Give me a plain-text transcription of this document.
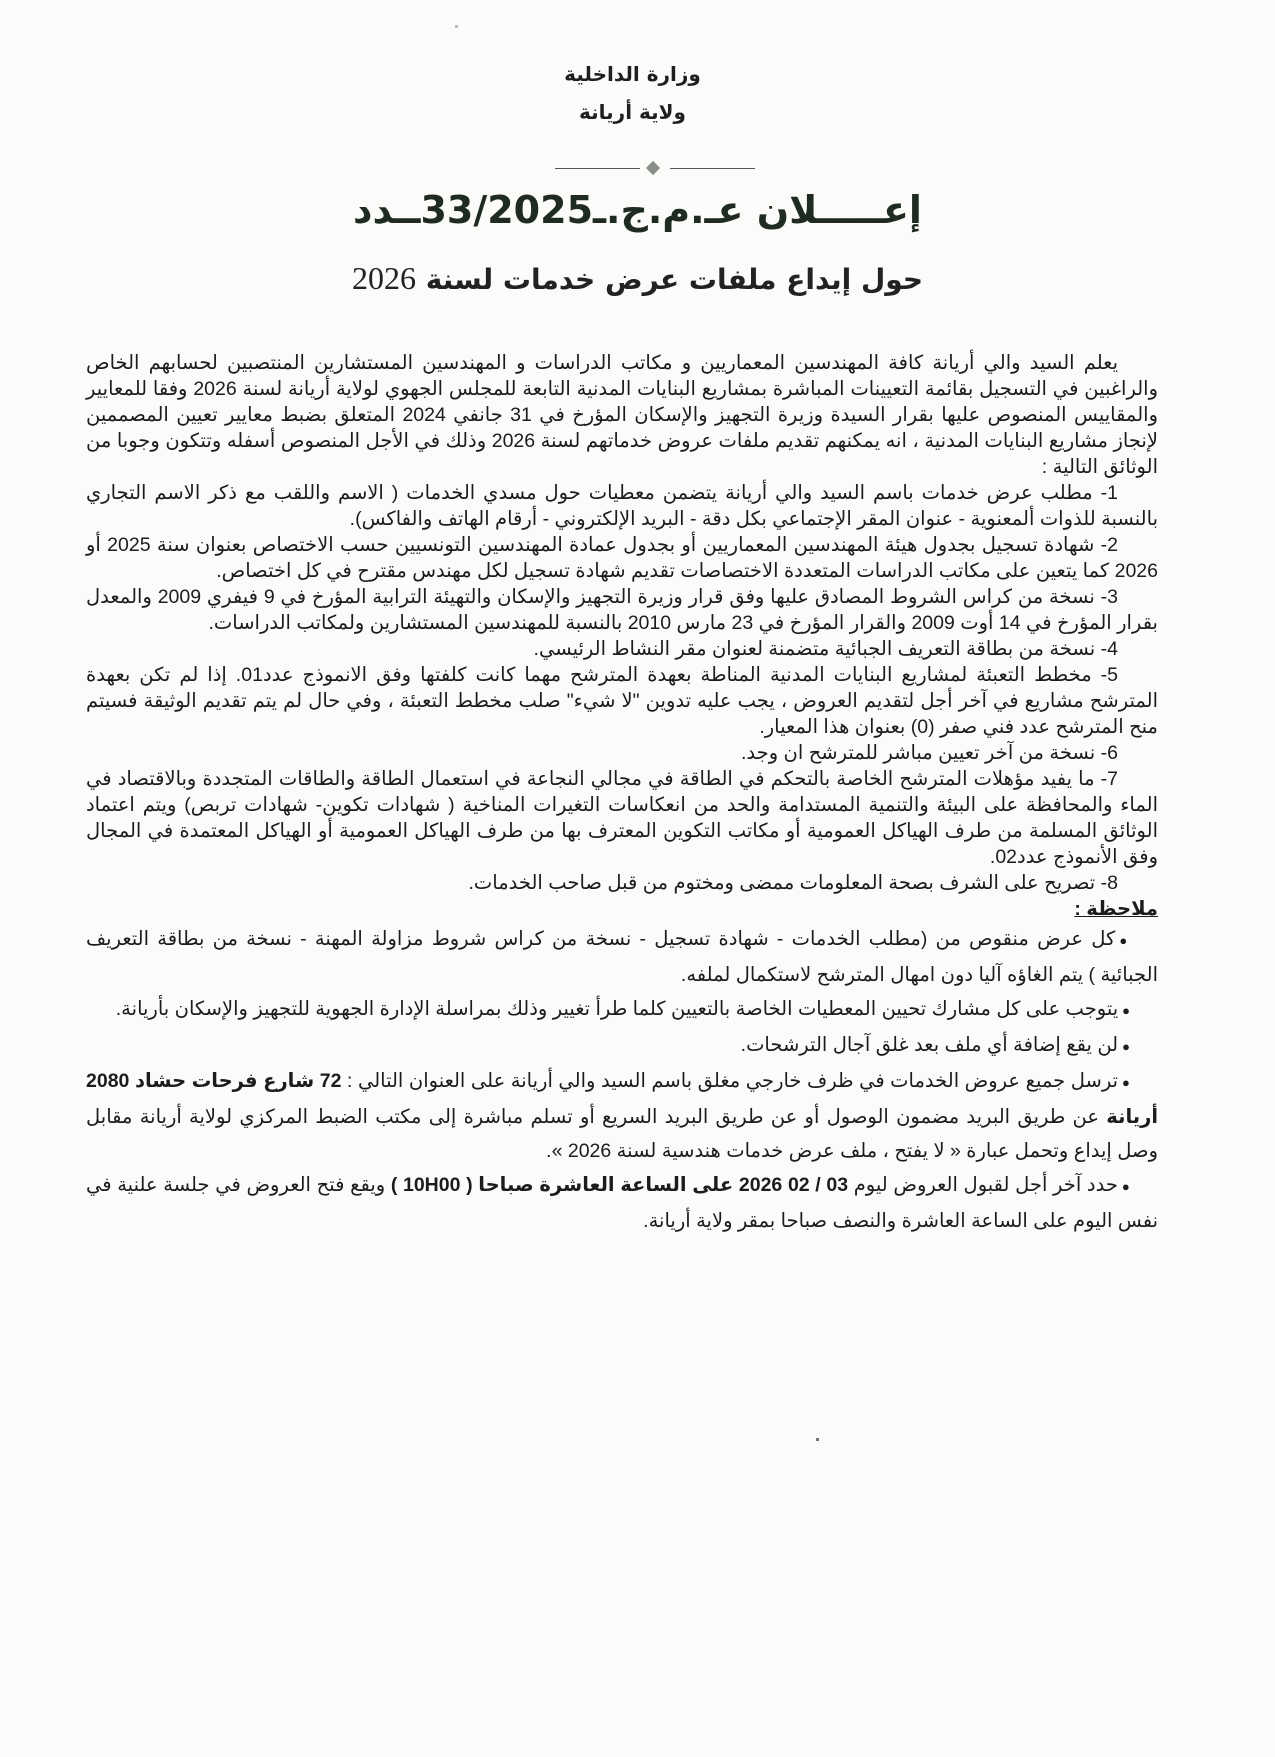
وزارة الداخلية
ولاية أريانة
إعـــــلان عـ.م.ج.ـ33/2025ــدد
حول إيداع ملفات عرض خدمات لسنة 2026

يعلم السيد والي أريانة كافة المهندسين المعماريين و مكاتب الدراسات و المهندسين المستشارين المنتصبين لحسابهم الخاص والراغبين في التسجيل بقائمة التعيينات المباشرة بمشاريع البنايات المدنية التابعة للمجلس الجهوي لولاية أريانة لسنة 2026 وفقا للمعايير والمقاييس المنصوص عليها بقرار السيدة وزيرة التجهيز والإسكان المؤرخ في 31 جانفي 2024 المتعلق بضبط معايير تعيين المصممين لإنجاز مشاريع البنايات المدنية ، انه يمكنهم تقديم ملفات عروض خدماتهم لسنة 2026 وذلك في الأجل المنصوص أسفله وتتكون وجوبا من الوثائق التالية :

1- مطلب عرض خدمات باسم السيد والي أريانة يتضمن معطيات حول مسدي الخدمات ( الاسم واللقب مع ذكر الاسم التجاري بالنسبة للذوات ألمعنوية - عنوان المقر الإجتماعي بكل دقة - البريد الإلكتروني - أرقام الهاتف والفاكس).

2- شهادة تسجيل بجدول هيئة المهندسين المعماريين أو بجدول عمادة المهندسين التونسيين حسب الاختصاص بعنوان سنة 2025 أو 2026 كما يتعين على مكاتب الدراسات المتعددة الاختصاصات تقديم شهادة تسجيل لكل مهندس مقترح في كل اختصاص.

3- نسخة من كراس الشروط المصادق عليها وفق قرار وزيرة التجهيز والإسكان والتهيئة الترابية المؤرخ في 9 فيفري 2009 والمعدل بقرار المؤرخ في 14 أوت 2009 والقرار المؤرخ في 23 مارس 2010 بالنسبة للمهندسين المستشارين ولمكاتب الدراسات.

4- نسخة من بطاقة التعريف الجبائية متضمنة لعنوان مقر النشاط الرئيسي.

5- مخطط التعبئة لمشاريع البنايات المدنية المناطة بعهدة المترشح مهما كانت كلفتها وفق الانموذج عدد01. إذا لم تكن بعهدة المترشح مشاريع في آخر أجل لتقديم العروض ، يجب عليه تدوين "لا شيء" صلب مخطط التعبئة ، وفي حال لم يتم تقديم الوثيقة فسيتم منح المترشح عدد فني صفر (0) بعنوان هذا المعيار.

6- نسخة من آخر تعيين مباشر للمترشح ان وجد.

7- ما يفيد مؤهلات المترشح الخاصة بالتحكم في الطاقة في مجالي النجاعة في استعمال الطاقة والطاقات المتجددة وبالاقتصاد في الماء والمحافظة على البيئة والتنمية المستدامة والحد من انعكاسات التغيرات المناخية ( شهادات تكوين- شهادات تربص) ويتم اعتماد الوثائق المسلمة من طرف الهياكل العمومية أو مكاتب التكوين المعترف بها من طرف الهياكل العمومية أو الهياكل المعتمدة في المجال وفق الأنموذج عدد02.

8- تصريح على الشرف بصحة المعلومات ممضى ومختوم من قبل صاحب الخدمات.

ملاحظة :

● كل عرض منقوص من (مطلب الخدمات - شهادة تسجيل - نسخة من كراس شروط مزاولة المهنة - نسخة من بطاقة التعريف الجبائية ) يتم الغاؤه آليا دون امهال المترشح لاستكمال لملفه.

● يتوجب على كل مشارك تحيين المعطيات الخاصة بالتعيين كلما طرأ تغيير وذلك بمراسلة الإدارة الجهوية للتجهيز والإسكان بأريانة.

● لن يقع إضافة أي ملف بعد غلق آجال الترشحات.

● ترسل جميع عروض الخدمات في ظرف خارجي مغلق باسم السيد والي أريانة على العنوان التالي : 72 شارع فرحات حشاد 2080 أريانة عن طريق البريد مضمون الوصول أو عن طريق البريد السريع أو تسلم مباشرة إلى مكتب الضبط المركزي لولاية أريانة مقابل وصل إيداع وتحمل عبارة « لا يفتح ، ملف عرض خدمات هندسية لسنة 2026 ».

● حدد آخر أجل لقبول العروض ليوم 03 / 02 2026 على الساعة العاشرة صباحا ( 10H00 ) ويقع فتح العروض في جلسة علنية في نفس اليوم على الساعة العاشرة والنصف صباحا بمقر ولاية أريانة.
